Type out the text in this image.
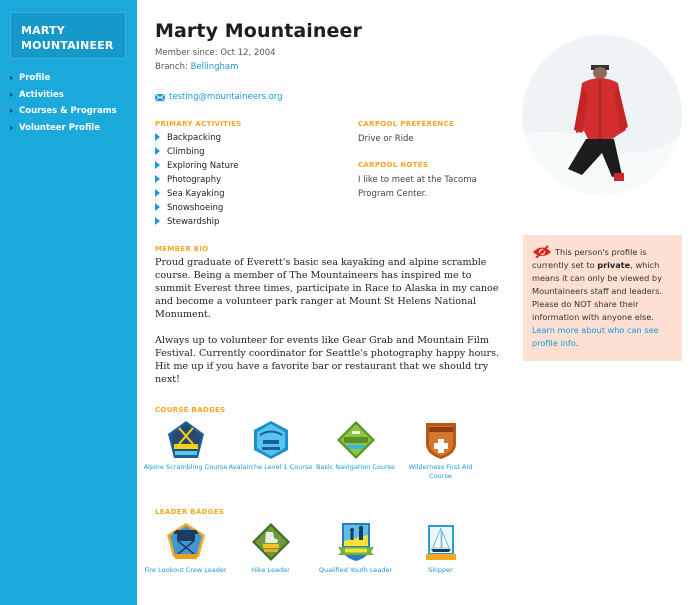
MARTY MOUNTAINEER
Profile
Activities
Courses & Programs
Volunteer Profile
Marty Mountaineer
Member since: Oct 12, 2004
Branch: Bellingham
testing@mountaineers.org
PRIMARY ACTIVITIES
Backpacking
Climbing
Exploring Nature
Photography
Sea Kayaking
Snowshoeing
Stewardship
CARPOOL PREFERENCE
Drive or Ride
CARPOOL NOTES
I like to meet at the Tacoma Program Center.
MEMBER BIO

Proud graduate of Everett's basic sea kayaking and alpine scramble course. Being a member of The Mountaineers has inspired me to summit Everest three times, participate in Race to Alaska in my canoe and become a volunteer park ranger at Mount St Helens National Monument.

Always up to volunteer for events like Gear Grab and Mountain Film Festival. Currently coordinator for Seattle's photography happy hours. Hit me up if you have a favorite bar or restaurant that we should try next!

COURSE BADGES
Alpine Scrambling Course Avalanche Level 1 Course Basic Navigation Course	Wilderness First Aid Course
LEADER BADGES
Fire Lookout Crew Leader	Hike Leader	Qualified Youth Leader	Skipper
This person's profile is currently set to private, which means it can only be viewed by Mountaineers staff and leaders. Please do NOT share their information with anyone else. Learn more about who can see profile info.
